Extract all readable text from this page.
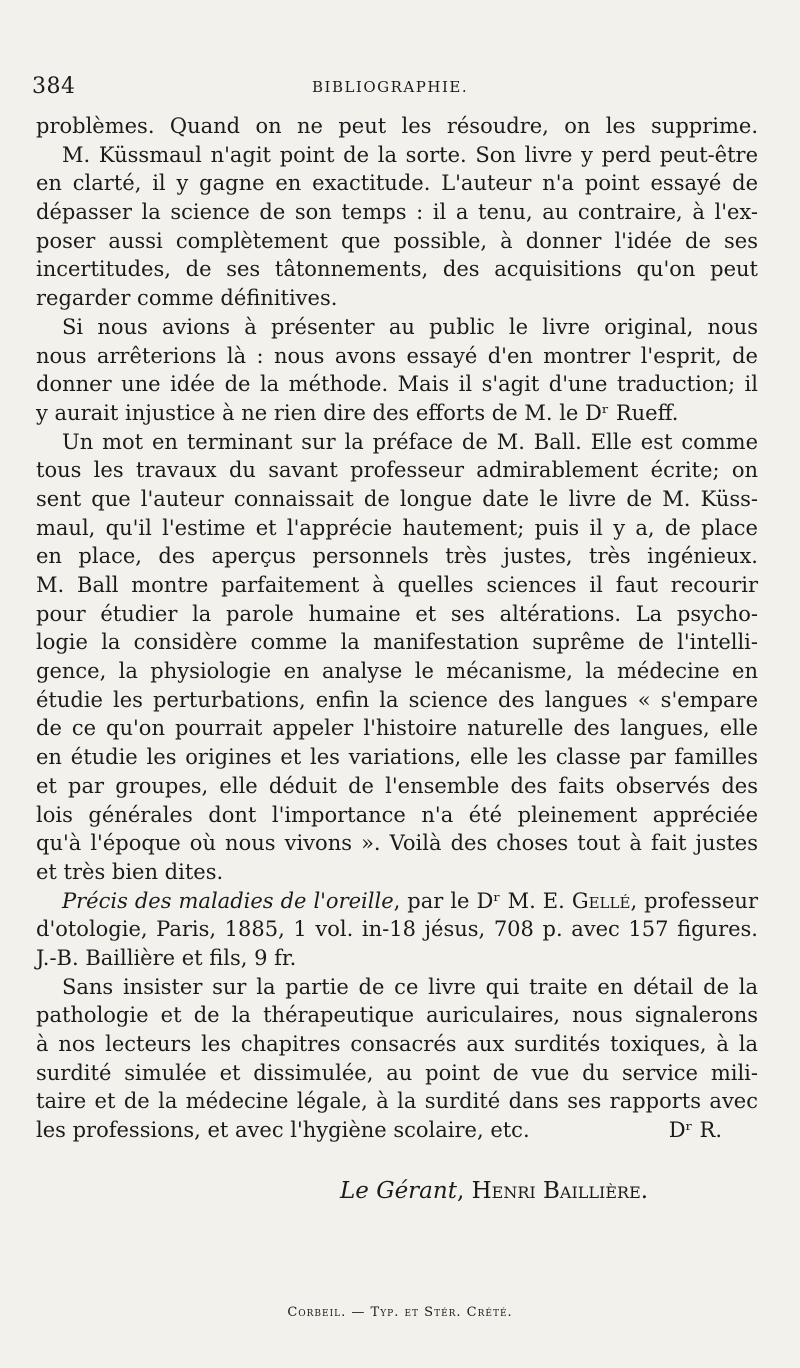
384	BIBLIOGRAPHIE.
problèmes. Quand on ne peut les résoudre, on les supprime.
M. Küssmaul n'agit point de la sorte. Son livre y perd peut-être
en clarté, il y gagne en exactitude. L'auteur n'a point essayé de
dépasser la science de son temps : il a tenu, au contraire, à l'ex-
poser aussi complètement que possible, à donner l'idée de ses
incertitudes, de ses tâtonnements, des acquisitions qu'on peut
regarder comme définitives.
Si nous avions à présenter au public le livre original, nous
nous arrêterions là : nous avons essayé d'en montrer l'esprit, de
donner une idée de la méthode. Mais il s'agit d'une traduction; il
y aurait injustice à ne rien dire des efforts de M. le Dʳ Rueff.
Un mot en terminant sur la préface de M. Ball. Elle est comme
tous les travaux du savant professeur admirablement écrite; on
sent que l'auteur connaissait de longue date le livre de M. Küss-
maul, qu'il l'estime et l'apprécie hautement; puis il y a, de place
en place, des aperçus personnels très justes, très ingénieux.
M. Ball montre parfaitement à quelles sciences il faut recourir
pour étudier la parole humaine et ses altérations. La psycho-
logie la considère comme la manifestation suprême de l'intelli-
gence, la physiologie en analyse le mécanisme, la médecine en
étudie les perturbations, enfin la science des langues « s'empare
de ce qu'on pourrait appeler l'histoire naturelle des langues, elle
en étudie les origines et les variations, elle les classe par familles
et par groupes, elle déduit de l'ensemble des faits observés des
lois générales dont l'importance n'a été pleinement appréciée
qu'à l'époque où nous vivons ». Voilà des choses tout à fait justes
et très bien dites.
Précis des maladies de l'oreille, par le Dʳ M. E. Gellé, professeur
d'otologie, Paris, 1885, 1 vol. in-18 jésus, 708 p. avec 157 figures.
J.-B. Baillière et fils, 9 fr.
Sans insister sur la partie de ce livre qui traite en détail de la
pathologie et de la thérapeutique auriculaires, nous signalerons
à nos lecteurs les chapitres consacrés aux surdités toxiques, à la
surdité simulée et dissimulée, au point de vue du service mili-
taire et de la médecine légale, à la surdité dans ses rapports avec
les professions, et avec l'hygiène scolaire, etc.	Dʳ R.
Le Gérant, Henri Baillière.
Corbeil. — Typ. et Stér. Crété.
